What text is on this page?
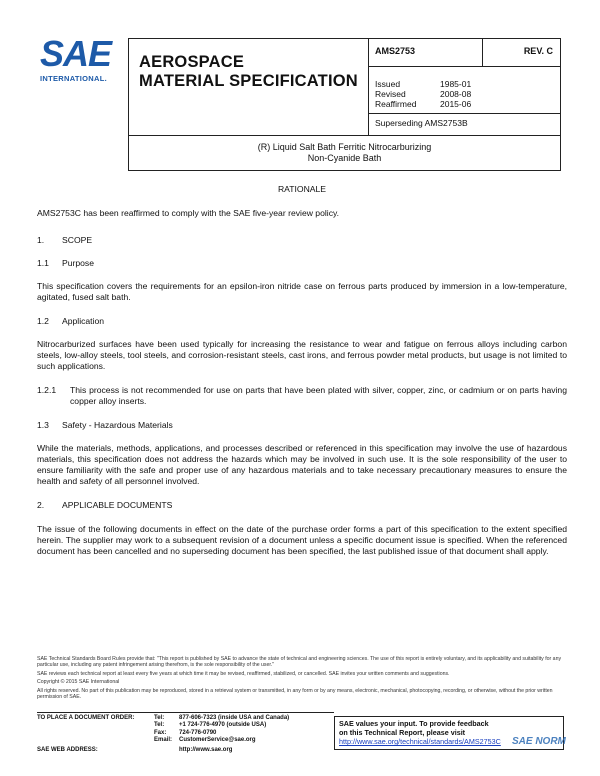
SAE
INTERNATIONAL.
AEROSPACE
MATERIAL SPECIFICATION
AMS2753	REV. C
Issued	1985-01
Revised	2008-08
Reaffirmed	2015-06
Superseding AMS2753B
(R) Liquid Salt Bath Ferritic Nitrocarburizing
Non-Cyanide Bath
RATIONALE

AMS2753C has been reaffirmed to comply with the SAE five-year review policy.

1. SCOPE
1.1 Purpose

This specification covers the requirements for an epsilon-iron nitride case on ferrous parts produced by immersion in a low-temperature, agitated, fused salt bath.

1.2 Application

Nitrocarburized surfaces have been used typically for increasing the resistance to wear and fatigue on ferrous alloys including carbon steels, low-alloy steels, tool steels, and corrosion-resistant steels, cast irons, and ferrous powder metal products, but usage is not limited to such applications.

1.2.1	This process is not recommended for use on parts that have been plated with silver, copper, zinc, or cadmium or on parts having copper alloy inserts.
1.3 Safety - Hazardous Materials

While the materials, methods, applications, and processes described or referenced in this specification may involve the use of hazardous materials, this specification does not address the hazards which may be involved in such use. It is the sole responsibility of the user to ensure familiarity with the safe and proper use of any hazardous materials and to take necessary precautionary measures to ensure the health and safety of all personnel involved.

2. APPLICABLE DOCUMENTS

The issue of the following documents in effect on the date of the purchase order forms a part of this specification to the extent specified herein. The supplier may work to a subsequent revision of a document unless a specific document issue is specified. When the referenced document has been cancelled and no superseding document has been specified, the last published issue of that document shall apply.

SAE Technical Standards Board Rules provide that: "This report is published by SAE to advance the state of technical and engineering sciences. The use of this report is entirely voluntary, and its applicability and suitability for any particular use, including any patent infringement arising therefrom, is the sole responsibility of the user."
SAE reviews each technical report at least every five years at which time it may be revised, reaffirmed, stabilized, or cancelled. SAE invites your written comments and suggestions.
Copyright © 2015 SAE International
All rights reserved. No part of this publication may be reproduced, stored in a retrieval system or transmitted, in any form or by any means, electronic, mechanical, photocopying, recording, or otherwise, without the prior written permission of SAE.
TO PLACE A DOCUMENT ORDER:	Tel:	877-606-7323 (inside USA and Canada)
Tel:	+1 724-776-4970 (outside USA)
Fax:	724-776-0790
Email:	CustomerService@sae.org
SAE WEB ADDRESS:	http://www.sae.org
SAE values your input. To provide feedback
on this Technical Report, please visit
http://www.sae.org/technical/standards/AMS2753C	SAE NORM
